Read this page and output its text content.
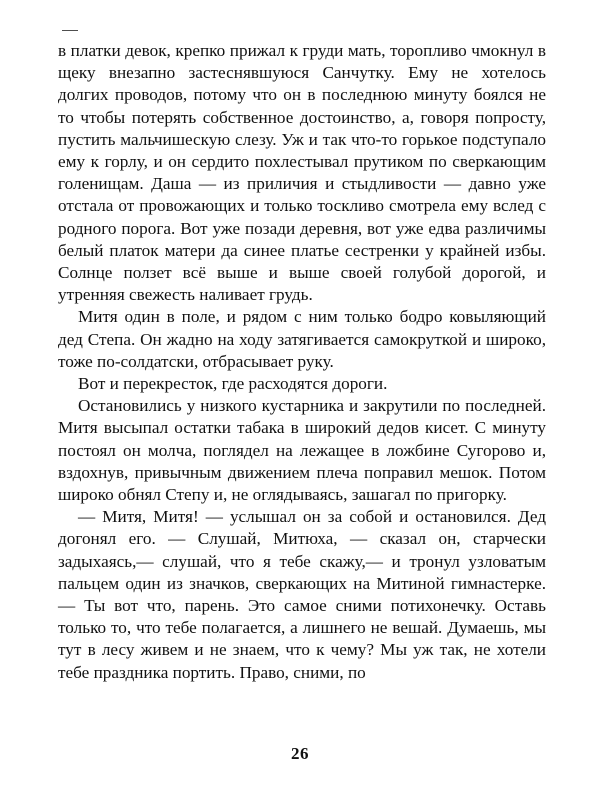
в платки девок, крепко прижал к груди мать, торопливо чмокнул в щеку внезапно застеснявшуюся Санчутку. Ему не хотелось долгих проводов, потому что он в последнюю минуту боялся не то чтобы потерять собственное достоинство, а, говоря попросту, пустить мальчишескую слезу. Уж и так что-то горькое подступало ему к горлу, и он сердито похлестывал прутиком по сверкающим голенищам. Даша — из приличия и стыдливости — давно уже отстала от провожающих и только тоскливо смотрела ему вслед с родного порога. Вот уже позади деревня, вот уже едва различимы белый платок матери да синее платье сестренки у крайней избы. Солнце ползет всё выше и выше своей голубой дорогой, и утренняя свежесть наливает грудь.

Митя один в поле, и рядом с ним только бодро ковыляющий дед Степа. Он жадно на ходу затягивается самокруткой и широко, тоже по-солдатски, отбрасывает руку.

Вот и перекресток, где расходятся дороги.

Остановились у низкого кустарника и закрутили по последней. Митя высыпал остатки табака в широкий дедов кисет. С минуту постоял он молча, поглядел на лежащее в ложбине Сугорово и, вздохнув, привычным движением плеча поправил мешок. Потом широко обнял Степу и, не оглядываясь, зашагал по пригорку.

— Митя, Митя! — услышал он за собой и остановился. Дед догонял его. — Слушай, Митюха, — сказал он, старчески задыхаясь,— слушай, что я тебе скажу,— и тронул узловатым пальцем один из значков, сверкающих на Митиной гимнастерке. — Ты вот что, парень. Это самое сними потихонечку. Оставь только то, что тебе полагается, а лишнего не вешай. Думаешь, мы тут в лесу живем и не знаем, что к чему? Мы уж так, не хотели тебе праздника портить. Право, сними, по

26
